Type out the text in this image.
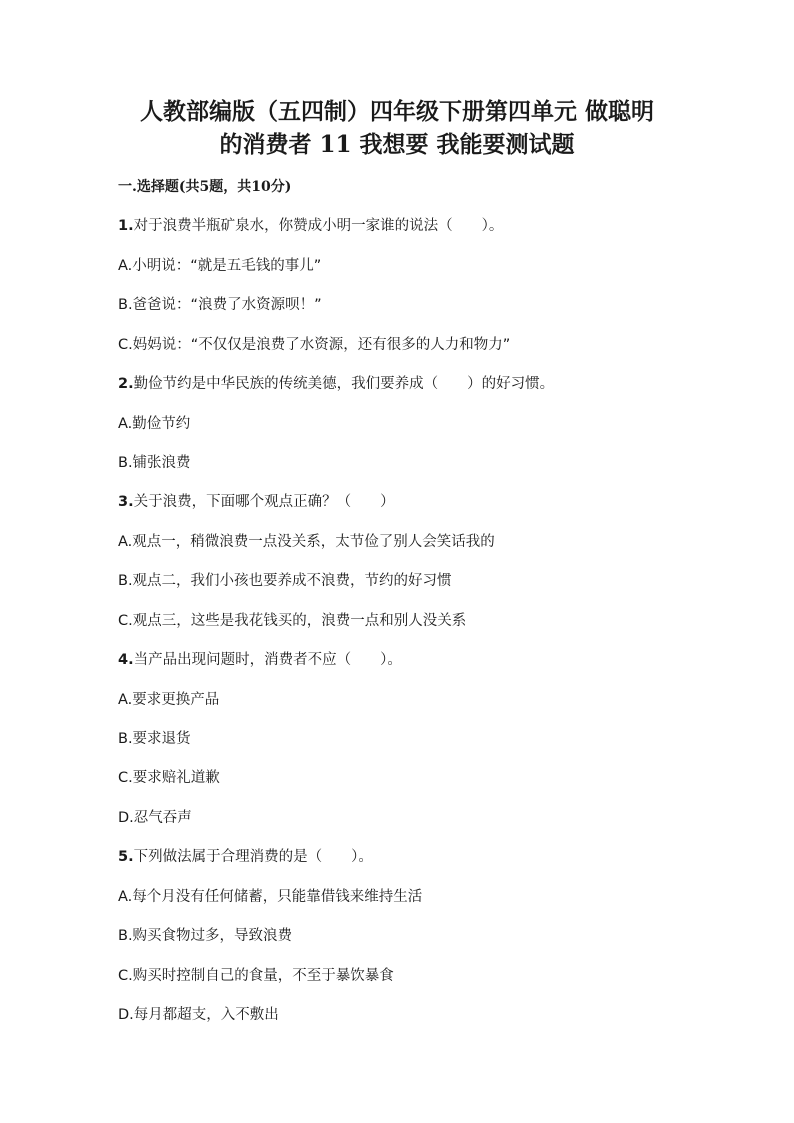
人教部编版（五四制）四年级下册第四单元 做聪明
的消费者 11 我想要 我能要测试题
一.选择题(共5题，共10分)
1.对于浪费半瓶矿泉水，你赞成小明一家谁的说法（　　）。
A.小明说：“就是五毛钱的事儿”
B.爸爸说：“浪费了水资源呗！”
C.妈妈说：“不仅仅是浪费了水资源，还有很多的人力和物力”
2.勤俭节约是中华民族的传统美德，我们要养成（　　）的好习惯。
A.勤俭节约
B.铺张浪费
3.关于浪费，下面哪个观点正确？（　　）
A.观点一，稍微浪费一点没关系，太节俭了别人会笑话我的
B.观点二，我们小孩也要养成不浪费，节约的好习惯
C.观点三，这些是我花钱买的，浪费一点和别人没关系
4.当产品出现问题时，消费者不应（　　）。
A.要求更换产品
B.要求退货
C.要求赔礼道歉
D.忍气吞声
5.下列做法属于合理消费的是（　　）。
A.每个月没有任何储蓄，只能靠借钱来维持生活
B.购买食物过多，导致浪费
C.购买时控制自己的食量，不至于暴饮暴食
D.每月都超支，入不敷出
